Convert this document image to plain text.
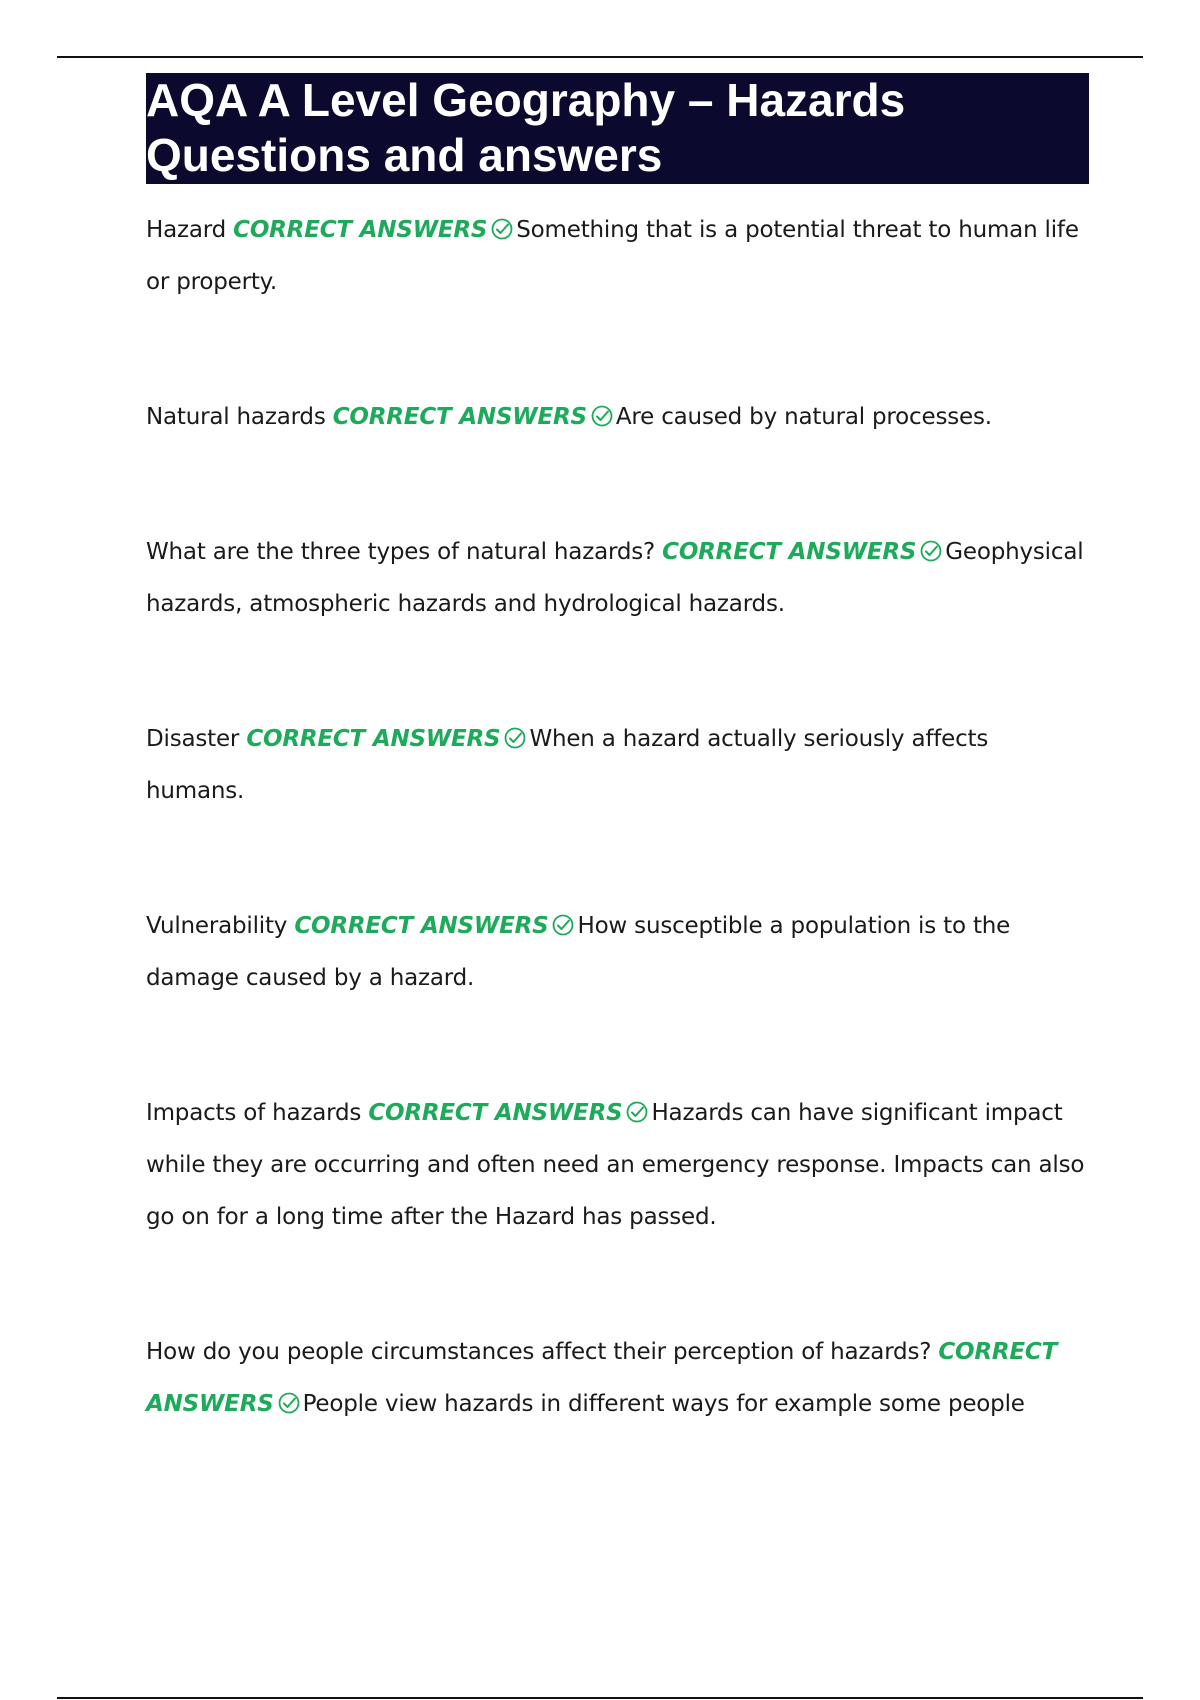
AQA A Level Geography – Hazards
Questions and answers

Hazard CORRECT ANSWERS Something that is a potential threat to human life or property.

Natural hazards CORRECT ANSWERS Are caused by natural processes.

What are the three types of natural hazards? CORRECT ANSWERS Geophysical hazards, atmospheric hazards and hydrological hazards.

Disaster CORRECT ANSWERS When a hazard actually seriously affects humans.

Vulnerability CORRECT ANSWERS How susceptible a population is to the damage caused by a hazard.

Impacts of hazards CORRECT ANSWERS Hazards can have significant impact while they are occurring and often need an emergency response. Impacts can also go on for a long time after the Hazard has passed.

How do you people circumstances affect their perception of hazards? CORRECT ANSWERS People view hazards in different ways for example some people
